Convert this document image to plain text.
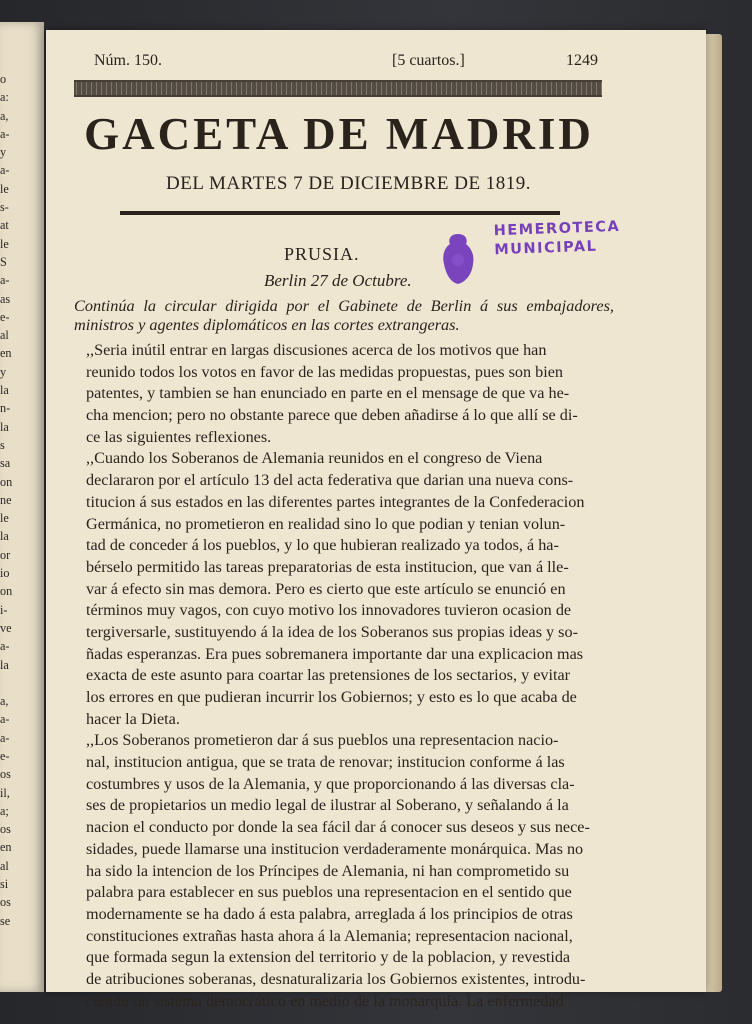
o
a:
a,
a-
y
a-
le
s-
at
le
S
a-
as
e-
al
en
y
la
n-
la
s
sa
on
ne
le
la
or
io
on
i-
ve
a-
la
a,
a-
a-
e-
os
il,
a;
os
en
al
si
os
se
Núm. 150.	[5 cuartos.]	1249
GACETA DE MADRID
DEL MARTES 7 DE DICIEMBRE DE 1819.
PRUSIA.
Berlin 27 de Octubre.
HEMEROTECA
MUNICIPAL
Continúa la circular dirigida por el Gabinete de Berlin á sus embajadores, ministros y agentes diplomáticos en las cortes extrangeras.
,,Seria inútil entrar en largas discusiones acerca de los motivos que han
reunido todos los votos en favor de las medidas propuestas, pues son bien
patentes, y tambien se han enunciado en parte en el mensage de que va he-
cha mencion; pero no obstante parece que deben añadirse á lo que allí se di-
ce las siguientes reflexiones.
,,Cuando los Soberanos de Alemania reunidos en el congreso de Viena
declararon por el artículo 13 del acta federativa que darian una nueva cons-
titucion á sus estados en las diferentes partes integrantes de la Confederacion
Germánica, no prometieron en realidad sino lo que podian y tenian volun-
tad de conceder á los pueblos, y lo que hubieran realizado ya todos, á ha-
bérselo permitido las tareas preparatorias de esta institucion, que van á lle-
var á efecto sin mas demora. Pero es cierto que este artículo se enunció en
términos muy vagos, con cuyo motivo los innovadores tuvieron ocasion de
tergiversarle, sustituyendo á la idea de los Soberanos sus propias ideas y so-
ñadas esperanzas. Era pues sobremanera importante dar una explicacion mas
exacta de este asunto para coartar las pretensiones de los sectarios, y evitar
los errores en que pudieran incurrir los Gobiernos; y esto es lo que acaba de
hacer la Dieta.
,,Los Soberanos prometieron dar á sus pueblos una representacion nacio-
nal, institucion antigua, que se trata de renovar; institucion conforme á las
costumbres y usos de la Alemania, y que proporcionando á las diversas cla-
ses de propietarios un medio legal de ilustrar al Soberano, y señalando á la
nacion el conducto por donde la sea fácil dar á conocer sus deseos y sus nece-
sidades, puede llamarse una institucion verdaderamente monárquica. Mas no
ha sido la intencion de los Príncipes de Alemania, ni han comprometido su
palabra para establecer en sus pueblos una representacion en el sentido que
modernamente se ha dado á esta palabra, arreglada á los principios de otras
constituciones extrañas hasta ahora á la Alemania; representacion nacional,
que formada segun la extension del territorio y de la poblacion, y revestida
de atribuciones soberanas, desnaturalizaria los Gobiernos existentes, introdu-
ciendo un sistema democrático en medio de la monarquía. La enfermedad
